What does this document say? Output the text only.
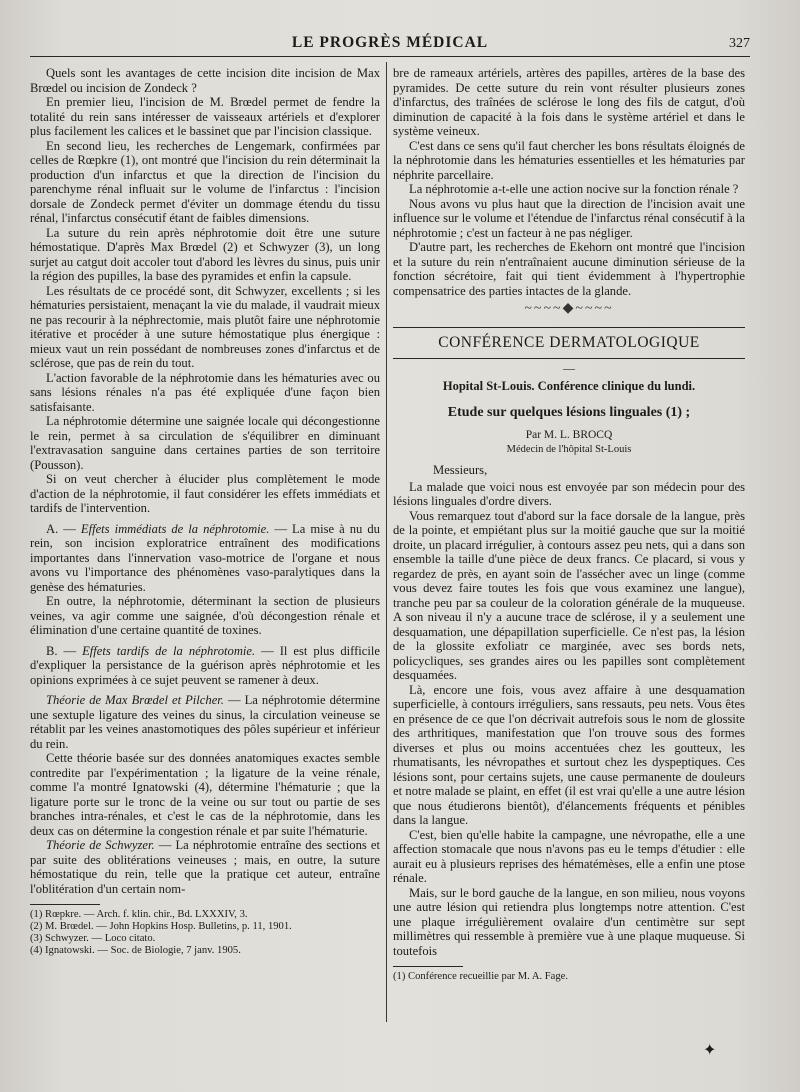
LE PROGRÈS MÉDICAL	327

Quels sont les avantages de cette incision dite incision de Max Brœdel ou incision de Zondeck ?

En premier lieu, l'incision de M. Brœdel permet de fendre la totalité du rein sans intéresser de vaisseaux artériels et d'explorer plus facilement les calices et le bassinet que par l'incision classique.

En second lieu, les recherches de Lengemark, confirmées par celles de Rœpkre (1), ont montré que l'incision du rein déterminait la production d'un infarctus et que la direction de l'incision du parenchyme rénal influait sur le volume de l'infarctus : l'incision dorsale de Zondeck permet d'éviter un dommage étendu du tissu rénal, l'infarctus consécutif étant de faibles dimensions.

La suture du rein après néphrotomie doit être une suture hémostatique. D'après Max Brœdel (2) et Schwyzer (3), un long surjet au catgut doit accoler tout d'abord les lèvres du sinus, puis unir la région des pupilles, la base des pyramides et enfin la capsule.

Les résultats de ce procédé sont, dit Schwyzer, excellents ; si les hématuries persistaient, menaçant la vie du malade, il vaudrait mieux ne pas recourir à la néphrectomie, mais plutôt faire une néphrotomie itérative et procéder à une suture hémostatique plus énergique : mieux vaut un rein possédant de nombreuses zones d'infarctus et de sclérose, que pas de rein du tout.

L'action favorable de la néphrotomie dans les hématuries avec ou sans lésions rénales n'a pas été expliquée d'une façon bien satisfaisante.

La néphrotomie détermine une saignée locale qui décongestionne le rein, permet à sa circulation de s'équilibrer en diminuant l'extravasation sanguine dans certaines parties de son territoire (Pousson).

Si on veut chercher à élucider plus complètement le mode d'action de la néphrotomie, il faut considérer les effets immédiats et tardifs de l'intervention.

A. — Effets immédiats de la néphrotomie. — La mise à nu du rein, son incision exploratrice entraînent des modifications importantes dans l'innervation vaso-motrice de l'organe et nous avons vu l'importance des phénomènes vaso-paralytiques dans la genèse des hématuries.

En outre, la néphrotomie, déterminant la section de plusieurs veines, va agir comme une saignée, d'où décongestion rénale et élimination d'une certaine quantité de toxines.

B. — Effets tardifs de la néphrotomie. — Il est plus difficile d'expliquer la persistance de la guérison après néphrotomie et les opinions exprimées à ce sujet peuvent se ramener à deux.

Théorie de Max Brœdel et Pilcher. — La néphrotomie détermine une sextuple ligature des veines du sinus, la circulation veineuse se rétablit par les veines anastomotiques des pôles supérieur et inférieur du rein.

Cette théorie basée sur des données anatomiques exactes semble contredite par l'expérimentation ; la ligature de la veine rénale, comme l'a montré Ignatowski (4), détermine l'hématurie ; que la ligature porte sur le tronc de la veine ou sur tout ou partie de ses branches intra-rénales, et c'est le cas de la néphrotomie, dans les deux cas on détermine la congestion rénale et par suite l'hématurie.

Théorie de Schwyzer. — La néphrotomie entraîne des sections et par suite des oblitérations veineuses ; mais, en outre, la suture hémostatique du rein, telle que la pratique cet auteur, entraîne l'oblitération d'un certain nom-

(1) Rœpkre. — Arch. f. klin. chir., Bd. LXXXIV, 3.
(2) M. Brœdel. — John Hopkins Hosp. Bulletins, p. 11, 1901.
(3) Schwyzer. — Loco citato.
(4) Ignatowski. — Soc. de Biologie, 7 janv. 1905.

bre de rameaux artériels, artères des papilles, artères de la base des pyramides. De cette suture du rein vont résulter plusieurs zones d'infarctus, des traînées de sclérose le long des fils de catgut, d'où diminution de capacité à la fois dans le système artériel et dans le système veineux.

C'est dans ce sens qu'il faut chercher les bons résultats éloignés de la néphrotomie dans les hématuries essentielles et les hématuries par néphrite parcellaire.

La néphrotomie a-t-elle une action nocive sur la fonction rénale ?

Nous avons vu plus haut que la direction de l'incision avait une influence sur le volume et l'étendue de l'infarctus rénal consécutif à la néphrotomie ; c'est un facteur à ne pas négliger.

D'autre part, les recherches de Ekehorn ont montré que l'incision et la suture du rein n'entraînaient aucune diminution sérieuse de la fonction sécrétoire, fait qui tient évidemment à l'hypertrophie compensatrice des parties intactes de la glande.

~~~~◆~~~~
CONFÉRENCE DERMATOLOGIQUE
—
Hopital St-Louis. Conférence clinique du lundi.
Etude sur quelques lésions linguales (1) ;
Par M. L. BROCQ
Médecin de l'hôpital St-Louis

Messieurs,

La malade que voici nous est envoyée par son médecin pour des lésions linguales d'ordre divers.

Vous remarquez tout d'abord sur la face dorsale de la langue, près de la pointe, et empiétant plus sur la moitié gauche que sur la moitié droite, un placard irrégulier, à contours assez peu nets, qui a dans son ensemble la taille d'une pièce de deux francs. Ce placard, si vous y regardez de près, en ayant soin de l'assécher avec un linge (comme vous devez faire toutes les fois que vous examinez une langue), tranche peu par sa couleur de la coloration générale de la muqueuse. A son niveau il n'y a aucune trace de sclérose, il y a seulement une desquamation, une dépapillation superficielle. Ce n'est pas, la lésion de la glossite exfoliatr ce marginée, avec ses bords nets, policycliques, ses grandes aires ou les papilles sont complètement desquamées.

Là, encore une fois, vous avez affaire à une desquamation superficielle, à contours irréguliers, sans ressauts, peu nets. Vous êtes en présence de ce que l'on décrivait autrefois sous le nom de glossite des arthritiques, manifestation que l'on trouve sous des formes diverses et plus ou moins accentuées chez les goutteux, les rhumatisants, les névropathes et surtout chez les dyspeptiques. Ces lésions sont, pour certains sujets, une cause permanente de douleurs et notre malade se plaint, en effet (il est vrai qu'elle a une autre lésion que nous étudierons bientôt), d'élancements fréquents et pénibles dans la langue.

C'est, bien qu'elle habite la campagne, une névropathe, elle a une affection stomacale que nous n'avons pas eu le temps d'étudier : elle aurait eu à plusieurs reprises des hématémèses, elle a enfin une ptose rénale.

Mais, sur le bord gauche de la langue, en son milieu, nous voyons une autre lésion qui retiendra plus longtemps notre attention. C'est une plaque irrégulièrement ovalaire d'un centimètre sur sept millimètres qui ressemble à première vue à une plaque muqueuse. Si toutefois

(1) Conférence recueillie par M. A. Fage.
✦
